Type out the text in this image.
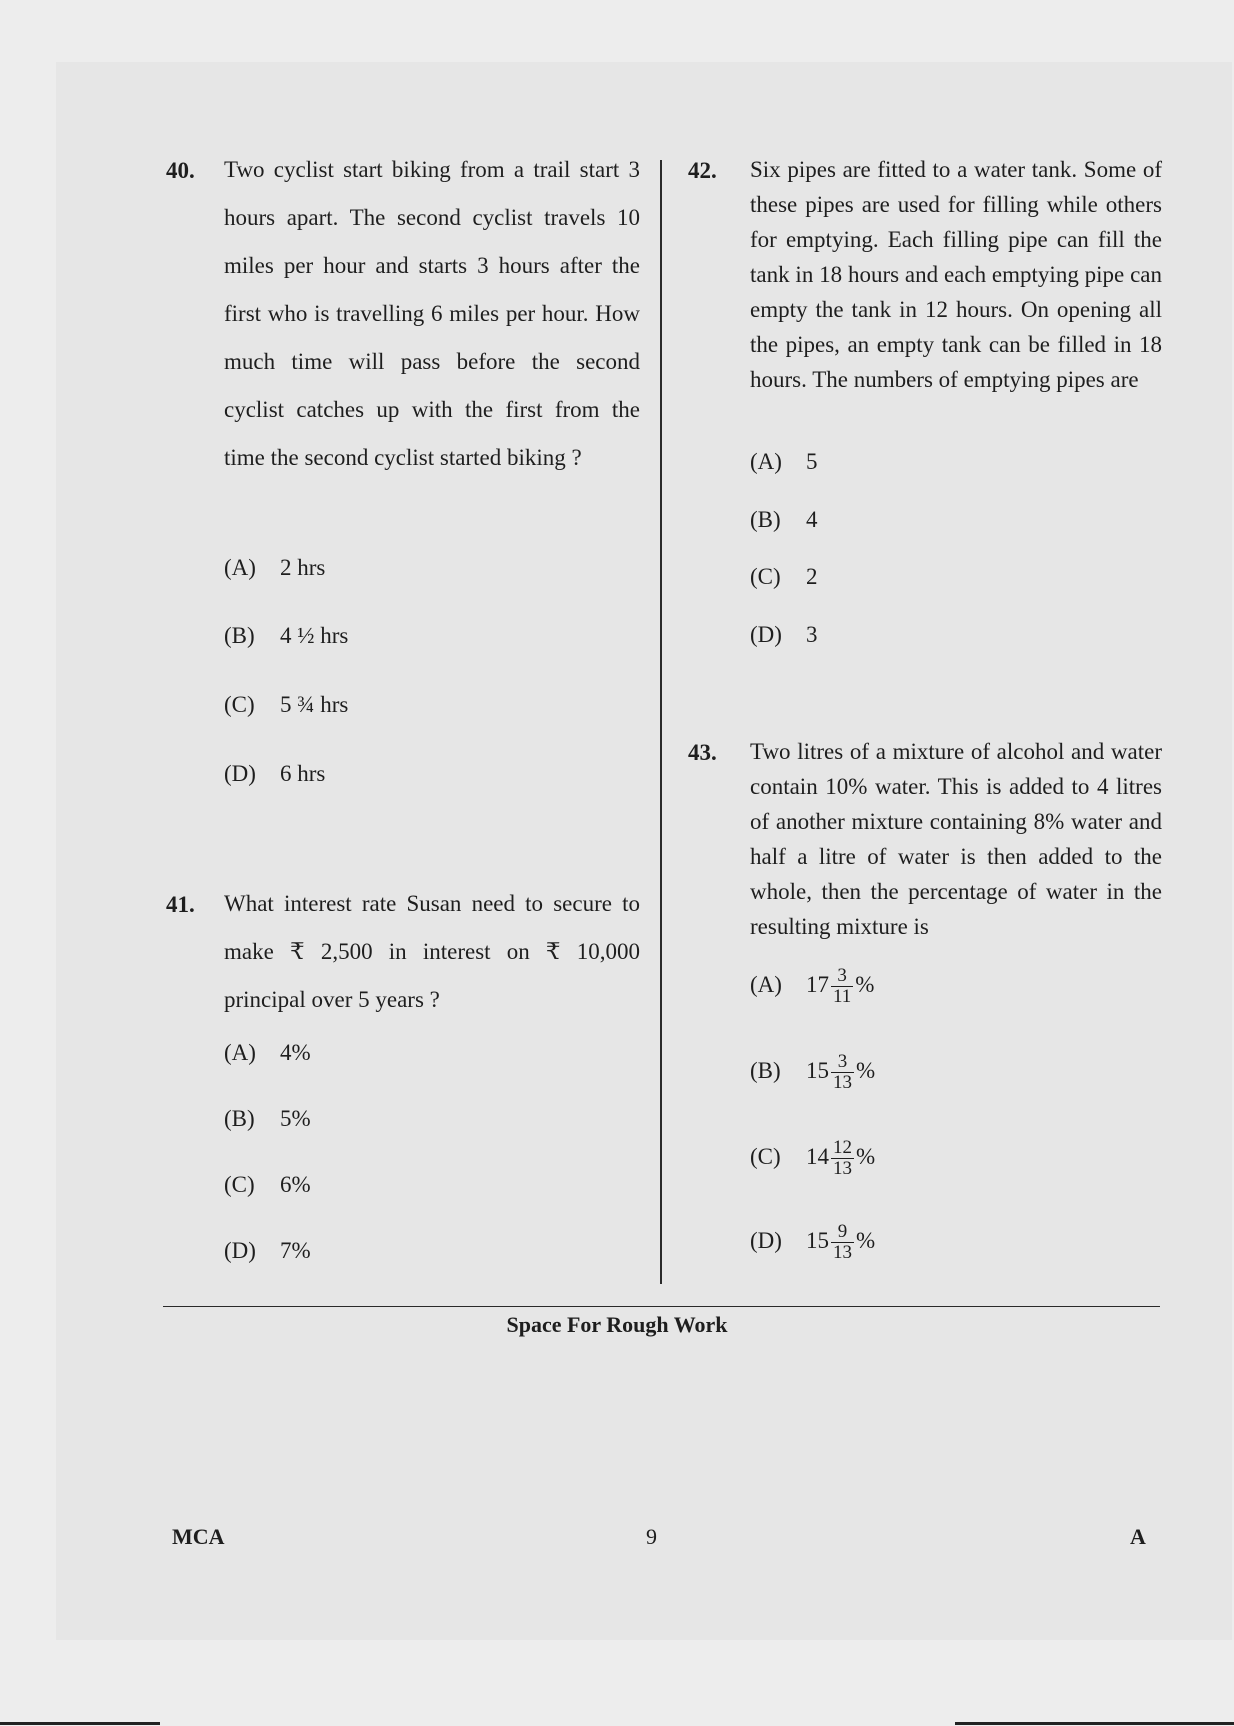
40. Two cyclist start biking from a trail start 3 hours apart. The second cyclist travels 10 miles per hour and starts 3 hours after the first who is travelling 6 miles per hour. How much time will pass before the second cyclist catches up with the first from the time the second cyclist started biking ?
(A) 2 hrs
(B) 4 ½ hrs
(C) 5 ¾ hrs
(D) 6 hrs
41. What interest rate Susan need to secure to make ₹ 2,500 in interest on ₹ 10,000 principal over 5 years ?
(A) 4%
(B) 5%
(C) 6%
(D) 7%
42. Six pipes are fitted to a water tank. Some of these pipes are used for filling while others for emptying. Each filling pipe can fill the tank in 18 hours and each emptying pipe can empty the tank in 12 hours. On opening all the pipes, an empty tank can be filled in 18 hours. The numbers of emptying pipes are
(A) 5
(B) 4
(C) 2
(D) 3
43. Two litres of a mixture of alcohol and water contain 10% water. This is added to 4 litres of another mixture containing 8% water and half a litre of water is then added to the whole, then the percentage of water in the resulting mixture is
(A) $17 \frac{3}{11}$ %
(B) $15 \frac{3}{13}$ %
(C) $14 \frac{12}{13}$ %
(D) $15 \frac{9}{13}$ %
Space For Rough Work
MCA	9	A
